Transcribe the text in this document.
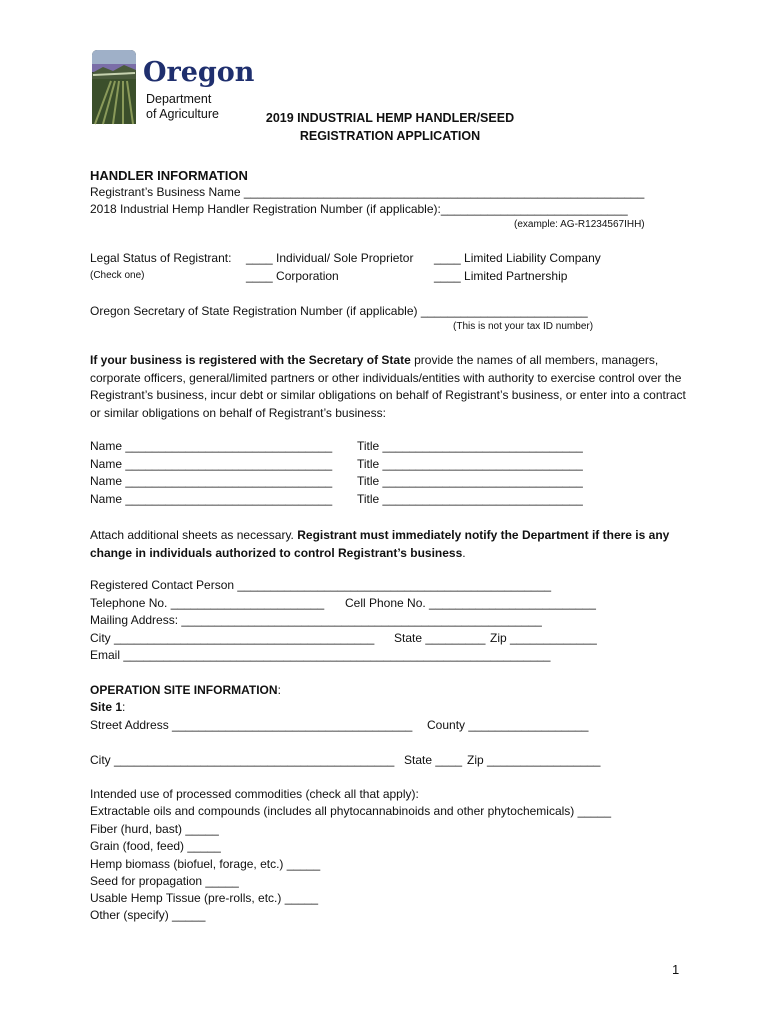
Oregon
Department
of Agriculture	2019 INDUSTRIAL HEMP HANDLER/SEED
REGISTRATION APPLICATION
HANDLER INFORMATION
Registrant’s Business Name ____________________________________________________________
2018 Industrial Hemp Handler Registration Number (if applicable):____________________________
(example: AG-R1234567IHH)
Legal Status of Registrant:
(Check one)
____ Individual/ Sole Proprietor ____ Limited Liability Company
____ Corporation	____ Limited Partnership
Oregon Secretary of State Registration Number (if applicable) _________________________
(This is not your tax ID number)
If your business is registered with the Secretary of State provide the names of all members, managers, corporate officers, general/limited partners or other individuals/entities with authority to exercise control over the Registrant’s business, incur debt or similar obligations on behalf of Registrant’s business, or enter into a contract or similar obligations on behalf of Registrant’s business:
Name _______________________________ Title ______________________________
Name _______________________________ Title ______________________________
Name _______________________________ Title ______________________________
Name _______________________________ Title ______________________________
Attach additional sheets as necessary. Registrant must immediately notify the Department if there is any change in individuals authorized to control Registrant’s business.
Registered Contact Person _______________________________________________
Telephone No. _______________________ Cell Phone No. _________________________
Mailing Address: ______________________________________________________
City _______________________________________ State _________ Zip _____________
Email ________________________________________________________________
OPERATION SITE INFORMATION:
Site 1:
Street Address ____________________________________ County __________________
City __________________________________________ State ____ Zip _________________
Intended use of processed commodities (check all that apply):
Extractable oils and compounds (includes all phytocannabinoids and other phytochemicals) _____
Fiber (hurd, bast) _____
Grain (food, feed) _____
Hemp biomass (biofuel, forage, etc.) _____
Seed for propagation _____
Usable Hemp Tissue (pre-rolls, etc.) _____
Other (specify) _____
1
